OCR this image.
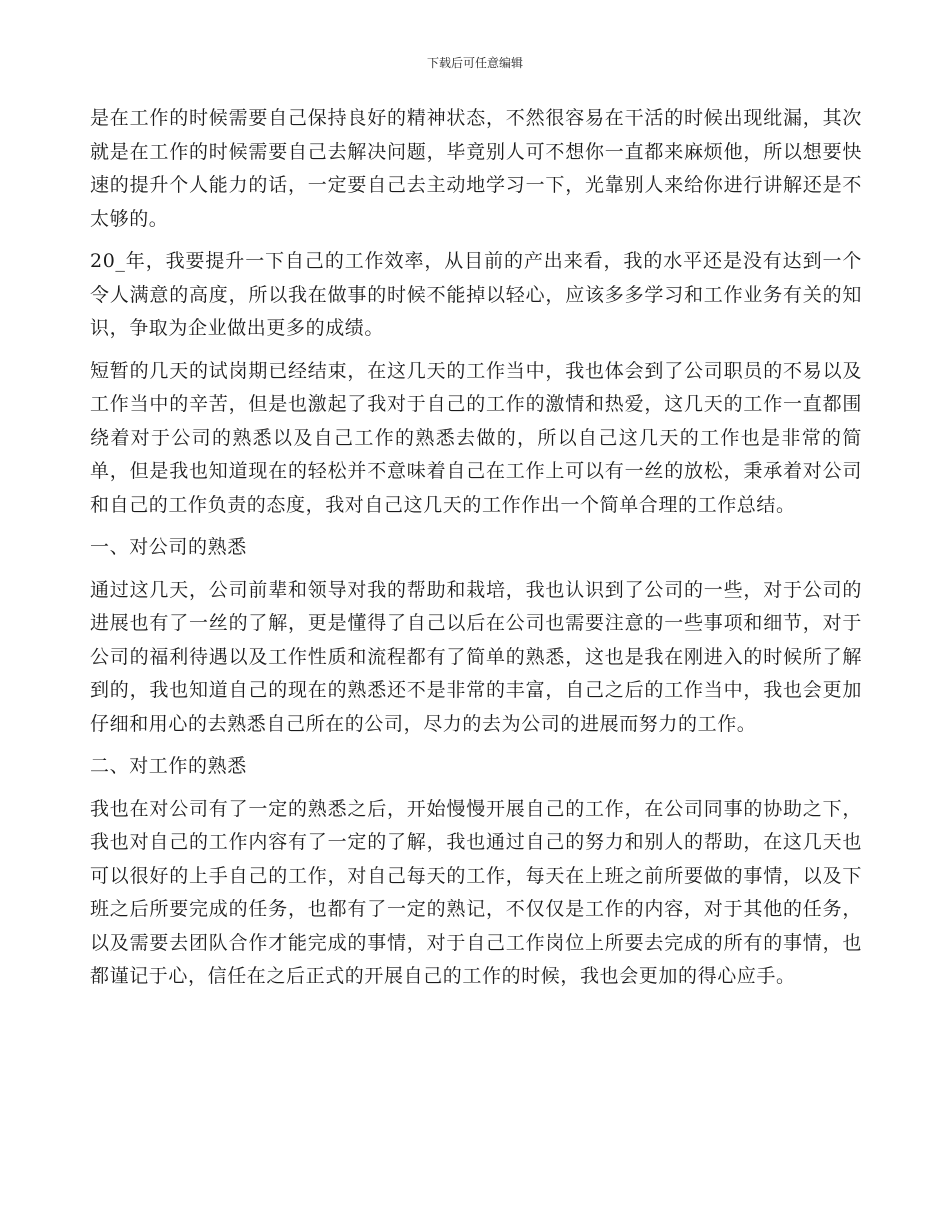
下载后可任意编辑

是在工作的时候需要自己保持良好的精神状态，不然很容易在干活的时候出现纰漏，其次就是在工作的时候需要自己去解决问题，毕竟别人可不想你一直都来麻烦他，所以想要快速的提升个人能力的话，一定要自己去主动地学习一下，光靠别人来给你进行讲解还是不太够的。

20_年，我要提升一下自己的工作效率，从目前的产出来看，我的水平还是没有达到一个令人满意的高度，所以我在做事的时候不能掉以轻心，应该多多学习和工作业务有关的知识，争取为企业做出更多的成绩。

短暂的几天的试岗期已经结束，在这几天的工作当中，我也体会到了公司职员的不易以及工作当中的辛苦，但是也激起了我对于自己的工作的激情和热爱，这几天的工作一直都围绕着对于公司的熟悉以及自己工作的熟悉去做的，所以自己这几天的工作也是非常的简单，但是我也知道现在的轻松并不意味着自己在工作上可以有一丝的放松，秉承着对公司和自己的工作负责的态度，我对自己这几天的工作作出一个简单合理的工作总结。

一、对公司的熟悉

通过这几天，公司前辈和领导对我的帮助和栽培，我也认识到了公司的一些，对于公司的进展也有了一丝的了解，更是懂得了自己以后在公司也需要注意的一些事项和细节，对于公司的福利待遇以及工作性质和流程都有了简单的熟悉，这也是我在刚进入的时候所了解到的，我也知道自己的现在的熟悉还不是非常的丰富，自己之后的工作当中，我也会更加仔细和用心的去熟悉自己所在的公司，尽力的去为公司的进展而努力的工作。

二、对工作的熟悉

我也在对公司有了一定的熟悉之后，开始慢慢开展自己的工作，在公司同事的协助之下，我也对自己的工作内容有了一定的了解，我也通过自己的努力和别人的帮助，在这几天也可以很好的上手自己的工作，对自己每天的工作，每天在上班之前所要做的事情，以及下班之后所要完成的任务，也都有了一定的熟记，不仅仅是工作的内容，对于其他的任务，以及需要去团队合作才能完成的事情，对于自己工作岗位上所要去完成的所有的事情，也都谨记于心，信任在之后正式的开展自己的工作的时候，我也会更加的得心应手。
